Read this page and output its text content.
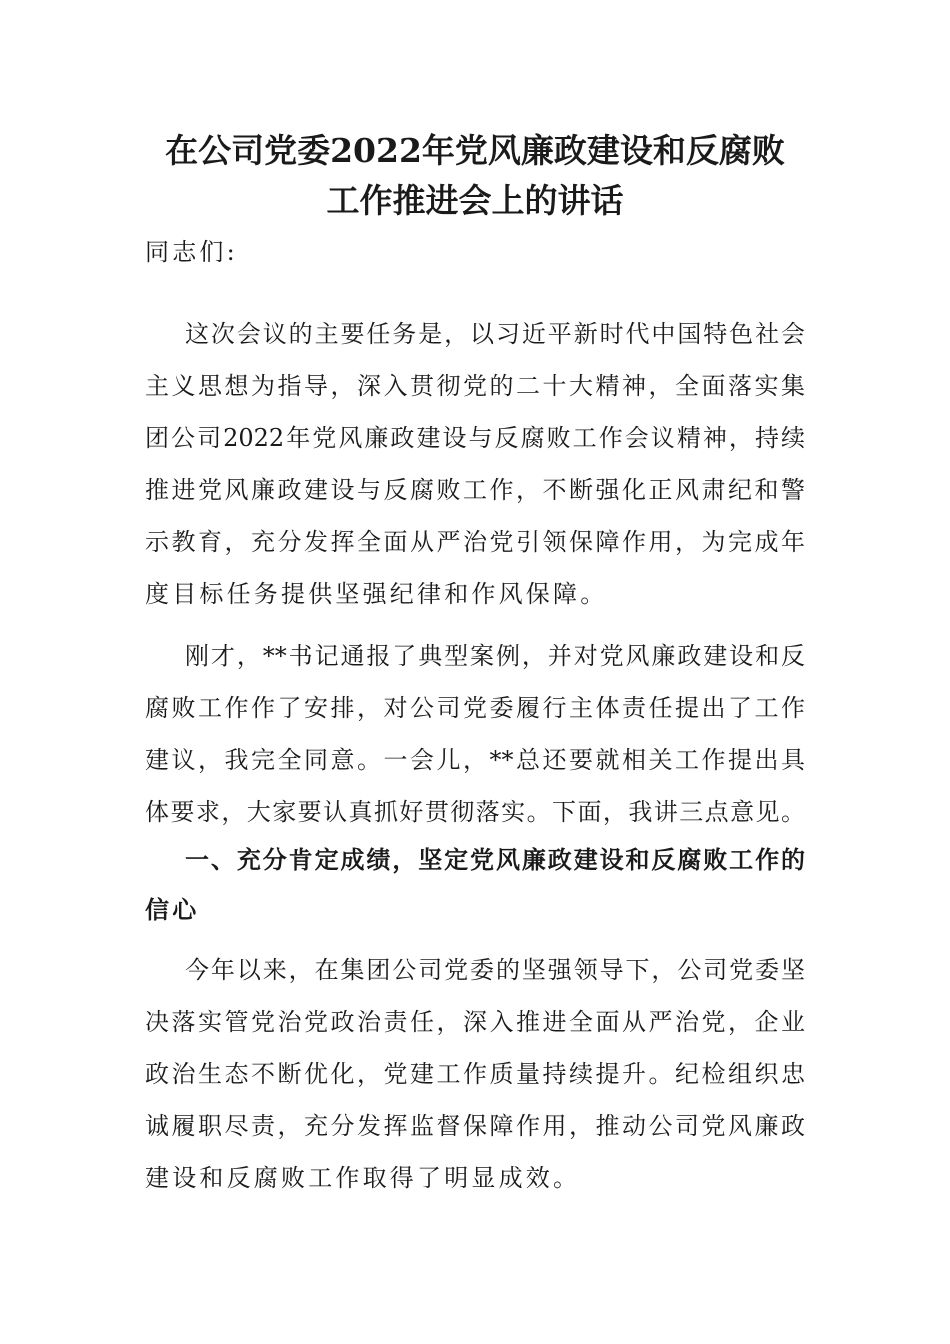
在公司党委2022年党风廉政建设和反腐败
工作推进会上的讲话
同志们:
这次会议的主要任务是，以习近平新时代中国特色社会
主义思想为指导，深入贯彻党的二十大精神，全面落实集
团公司2022年党风廉政建设与反腐败工作会议精神，持续
推进党风廉政建设与反腐败工作，不断强化正风肃纪和警
示教育，充分发挥全面从严治党引领保障作用，为完成年
度目标任务提供坚强纪律和作风保障。
刚才，**书记通报了典型案例，并对党风廉政建设和反
腐败工作作了安排，对公司党委履行主体责任提出了工作
建议，我完全同意。一会儿，**总还要就相关工作提出具
体要求，大家要认真抓好贯彻落实。下面，我讲三点意见。
一、充分肯定成绩，坚定党风廉政建设和反腐败工作的
信心
今年以来，在集团公司党委的坚强领导下，公司党委坚
决落实管党治党政治责任，深入推进全面从严治党，企业
政治生态不断优化，党建工作质量持续提升。纪检组织忠
诚履职尽责，充分发挥监督保障作用，推动公司党风廉政
建设和反腐败工作取得了明显成效。
